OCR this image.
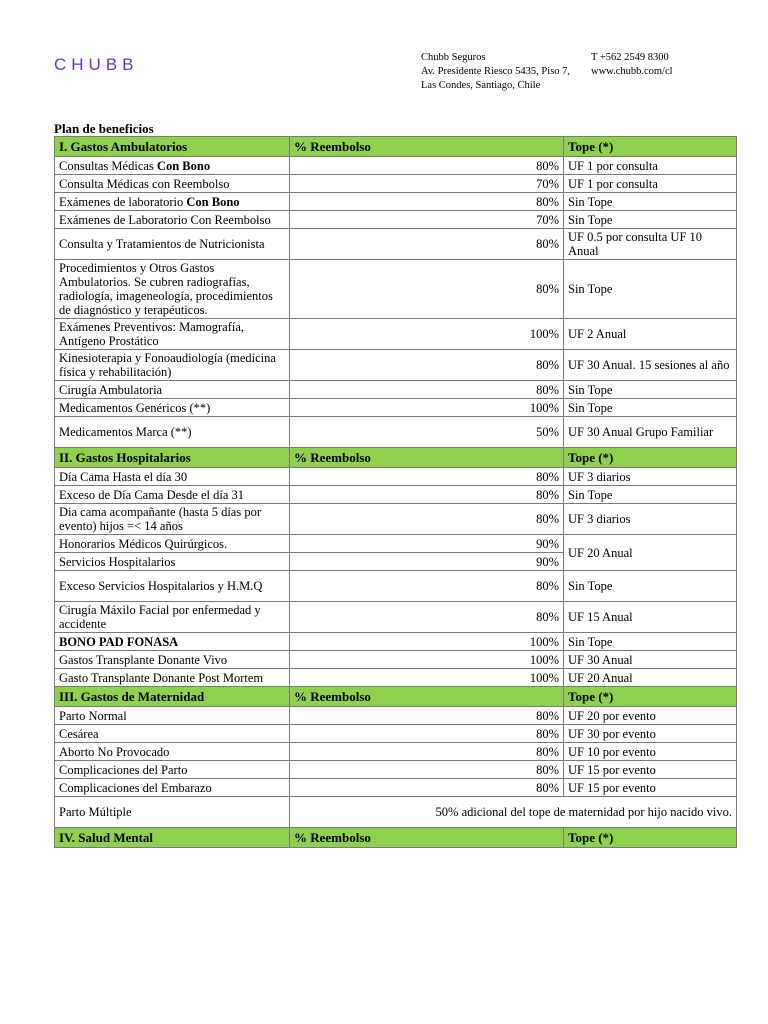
CHUBB	Chubb Seguros
Av. Presidente Riesco 5435, Piso 7,
Las Condes, Santiago, Chile
T +562 2549 8300
www.chubb.com/cl
Plan de beneficios
I. Gastos Ambulatorios	% Reembolso	Tope (*)
Consultas Médicas Con Bono	80%	UF 1 por consulta
Consulta Médicas con Reembolso	70%	UF 1 por consulta
Exámenes de laboratorio Con Bono	80%	Sin Tope
Exámenes de Laboratorio Con Reembolso	70%	Sin Tope
Consulta y Tratamientos de Nutricionista	80%	UF 0.5 por consulta UF 10 Anual
Procedimientos y Otros Gastos Ambulatorios. Se cubren radiografías, radiología, imageneología, procedimientos de diagnóstico y terapéuticos.	80%	Sin Tope
Exámenes Preventivos: Mamografía, Antígeno Prostático	100%	UF 2 Anual
Kinesioterapia y Fonoaudiología (medicina física y rehabilitación)	80%	UF 30 Anual. 15 sesiones al año
Cirugía Ambulatoria	80%	Sin Tope
Medicamentos Genéricos (**)	100%	Sin Tope
Medicamentos Marca (**)	50%	UF 30 Anual Grupo Familiar
II. Gastos Hospitalarios	% Reembolso	Tope (*)
Día Cama Hasta el día 30	80%	UF 3 diarios
Exceso de Día Cama Desde el día 31	80%	Sin Tope
Dia cama acompañante (hasta 5 días por evento) hijos =< 14 años	80%	UF 3 diarios
Honorarios Médicos Quirúrgicos.	90%	UF 20 Anual
Servicios Hospitalarios	90%	
Exceso Servicios Hospitalarios y H.M.Q	80%	Sin Tope
Cirugía Máxilo Facial por enfermedad y accidente	80%	UF 15 Anual
BONO PAD FONASA	100%	Sin Tope
Gastos Transplante Donante Vivo	100%	UF 30 Anual
Gasto Transplante Donante Post Mortem	100%	UF 20 Anual
III. Gastos de Maternidad	% Reembolso	Tope (*)
Parto Normal	80%	UF 20 por evento
Cesárea	80%	UF 30 por evento
Aborto No Provocado	80%	UF 10 por evento
Complicaciones del Parto	80%	UF 15 por evento
Complicaciones del Embarazo	80%	UF 15 por evento
Parto Múltiple	50% adicional del tope de maternidad por hijo nacido vivo.	
IV. Salud Mental	% Reembolso	Tope (*)
